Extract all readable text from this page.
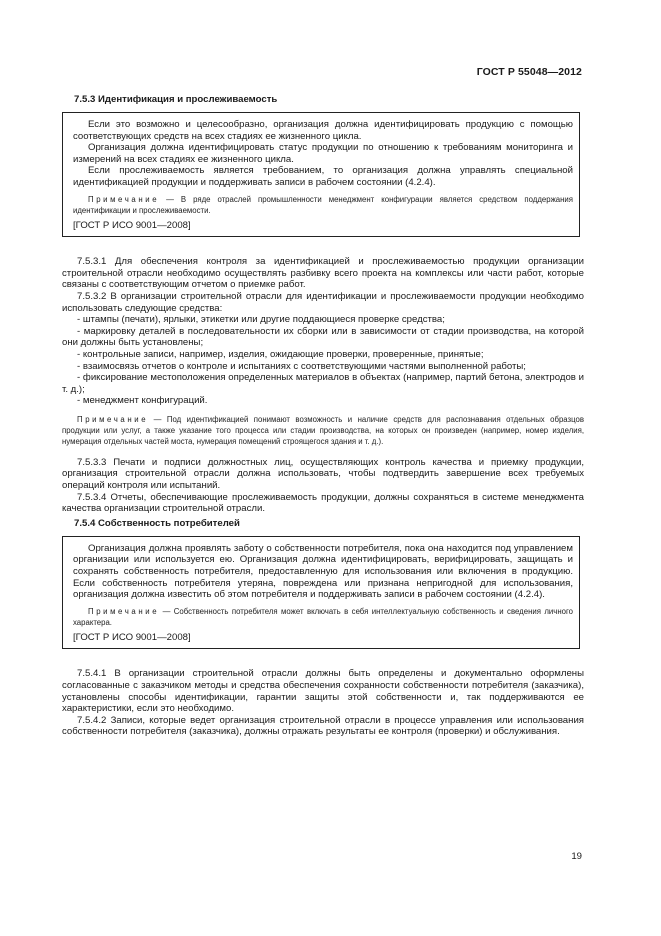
ГОСТ Р 55048—2012
7.5.3 Идентификация и прослеживаемость

Если это возможно и целесообразно, организация должна идентифицировать продукцию с помощью соответствующих средств на всех стадиях ее жизненного цикла.

Организация должна идентифицировать статус продукции по отношению к требованиям мониторинга и измерений на всех стадиях ее жизненного цикла.

Если прослеживаемость является требованием, то организация должна управлять специальной идентификацией продукции и поддерживать записи в рабочем состоянии (4.2.4).

Примечание — В ряде отраслей промышленности менеджмент конфигурации является средством поддержания идентификации и прослеживаемости.

[ГОСТ Р ИСО 9001—2008]

7.5.3.1 Для обеспечения контроля за идентификацией и прослеживаемостью продукции организации строительной отрасли необходимо осуществлять разбивку всего проекта на комплексы или части работ, которые связаны с соответствующим отчетом о приемке работ.

7.5.3.2 В организации строительной отрасли для идентификации и прослеживаемости продукции необходимо использовать следующие средства:

- штампы (печати), ярлыки, этикетки или другие поддающиеся проверке средства;

- маркировку деталей в последовательности их сборки или в зависимости от стадии производства, на которой они должны быть установлены;

- контрольные записи, например, изделия, ожидающие проверки, проверенные, принятые;

- взаимосвязь отчетов о контроле и испытаниях с соответствующими частями выполненной работы;

- фиксирование местоположения определенных материалов в объектах (например, партий бетона, электродов и т. д.);

- менеджмент конфигураций.

Примечание — Под идентификацией понимают возможность и наличие средств для распознавания отдельных образцов продукции или услуг, а также указание того процесса или стадии производства, на которых он произведен (например, номер изделия, нумерация отдельных частей моста, нумерация помещений строящегося здания и т. д.).

7.5.3.3 Печати и подписи должностных лиц, осуществляющих контроль качества и приемку продукции, организация строительной отрасли должна использовать, чтобы подтвердить завершение всех требуемых операций контроля или испытаний.

7.5.3.4 Отчеты, обеспечивающие прослеживаемость продукции, должны сохраняться в системе менеджмента качества организации строительной отрасли.

7.5.4 Собственность потребителей

Организация должна проявлять заботу о собственности потребителя, пока она находится под управлением организации или используется ею. Организация должна идентифицировать, верифицировать, защищать и сохранять собственность потребителя, предоставленную для использования или включения в продукцию. Если собственность потребителя утеряна, повреждена или признана непригодной для использования, организация должна известить об этом потребителя и поддерживать записи в рабочем состоянии (4.2.4).

Примечание — Собственность потребителя может включать в себя интеллектуальную собственность и сведения личного характера.

[ГОСТ Р ИСО 9001—2008]

7.5.4.1 В организации строительной отрасли должны быть определены и документально оформлены согласованные с заказчиком методы и средства обеспечения сохранности собственности потребителя (заказчика), установлены способы идентификации, гарантии защиты этой собственности и, так поддерживаются ее характеристики, если это необходимо.

7.5.4.2 Записи, которые ведет организация строительной отрасли в процессе управления или использования собственности потребителя (заказчика), должны отражать результаты ее контроля (проверки) и обслуживания.

19
